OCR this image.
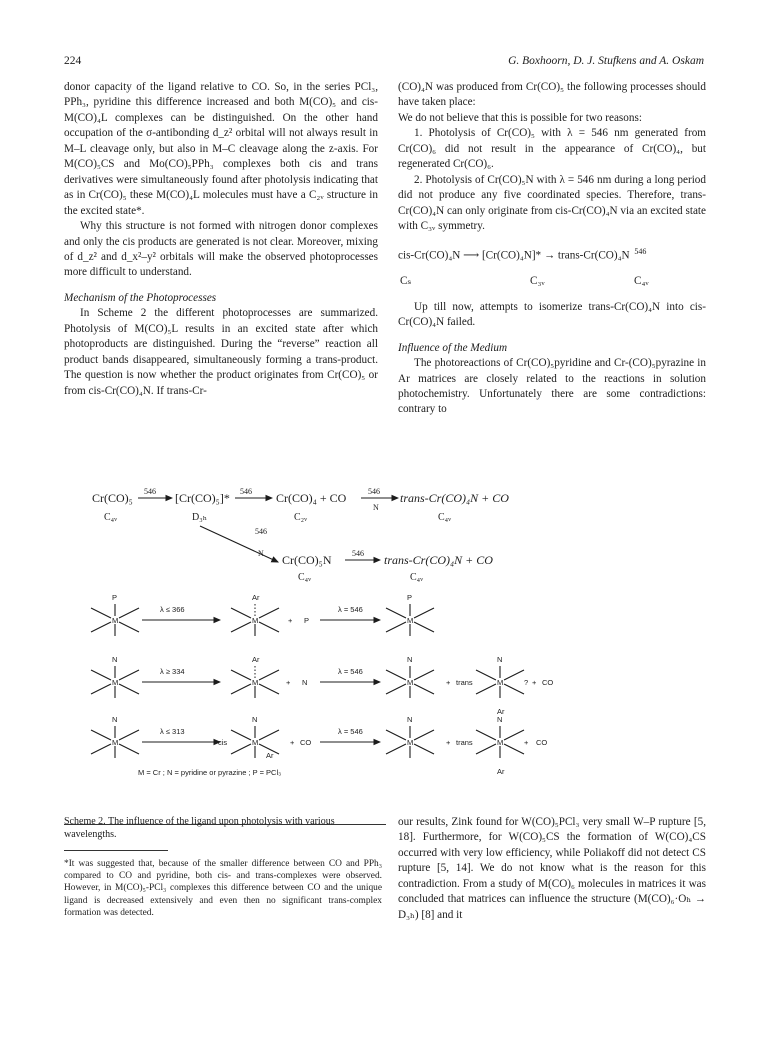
224	G. Boxhoorn, D. J. Stufkens and A. Oskam

donor capacity of the ligand relative to CO. So, in the series PCl₃, PPh₃, pyridine this difference increased and both M(CO)₅ and cis-M(CO)₄L complexes can be distinguished. On the other hand occupation of the σ-antibonding d_z² orbital will not always result in M–L cleavage only, but also in M–C cleavage along the z-axis. For M(CO)₅CS and Mo(CO)₅PPh₃ complexes both cis and trans derivatives were simultaneously found after photolysis indicating that as in Cr(CO)₅ these M(CO)₄L molecules must have a C₂ᵥ structure in the excited state*.

Why this structure is not formed with nitrogen donor complexes and only the cis products are generated is not clear. Moreover, mixing of d_z² and d_x²–y² orbitals will make the observed photoprocesses more difficult to understand.

Mechanism of the Photoprocesses

In Scheme 2 the different photoprocesses are summarized. Photolysis of M(CO)₅L results in an excited state after which photoproducts are distinguished. During the “reverse” reaction all product bands disappeared, simultaneously forming a trans-product. The question is now whether the product originates from Cr(CO)₅ or from cis-Cr(CO)₄N. If trans-Cr-

(CO)₄N was produced from Cr(CO)₅ the following processes should have taken place:

We do not believe that this is possible for two reasons:

1. Photolysis of Cr(CO)₅ with λ = 546 nm generated from Cr(CO)₆ did not result in the appearance of Cr(CO)₄, but regenerated Cr(CO)₆.

2. Photolysis of Cr(CO)₅N with λ = 546 nm during a long period did not produce any five coordinated species. Therefore, trans-Cr(CO)₄N can only originate from cis-Cr(CO)₄N via an excited state with C₃ᵥ symmetry.

cis-Cr(CO)₄N ⟶ [Cr(CO)₄N]* → trans-Cr(CO)₄N $^{546}$

Cₛ	C₃ᵥ	C₄ᵥ

Up till now, attempts to isomerize trans-Cr(CO)₄N into cis-Cr(CO)₄N failed.

Influence of the Medium

The photoreactions of Cr(CO)₅pyridine and Cr-(CO)₅pyrazine in Ar matrices are closely related to the reactions in solution photochemistry. Unfortunately there are some contradictions: contrary to

Cr(CO)₅ 546 [Cr(CO)₅]* 546 Cr(CO)₄ + CO	546
N
trans-Cr(CO)₄N + CO
C₄ᵥ	D₃ₕ	C₂ᵥ	C₄ᵥ
546
N Cr(CO)₅N	546 trans-Cr(CO)₄N + CO
C₄ᵥ	C₄ᵥ
M
P
λ ≤ 366
M
Ar
+ P
λ = 546
M
P
M
N
λ ≥ 334
M
Ar
+ N
λ = 546
M
N
+ trans	M
N
? + CO
Ar
M
N
λ ≤ 313
cis	M
N
Ar
+ CO
λ = 546
M
N
+ trans	M
N
+ CO
Ar
M = Cr ; N = pyridine or pyrazine ; P = PCl₃
Scheme 2. The influence of the ligand upon photolysis with various wavelengths.
*It was suggested that, because of the smaller difference between CO and PPh₃ compared to CO and pyridine, both cis- and trans-complexes were observed. However, in M(CO)₅-PCl₃ complexes this difference between CO and the unique ligand is decreased extensively and even then no significant trans-complex formation was detected.
our results, Zink found for W(CO)₅PCl₃ very small W–P rupture [5, 18]. Furthermore, for W(CO)₅CS the formation of W(CO)₄CS occurred with very low efficiency, while Poliakoff did not detect CS rupture [5, 14]. We do not know what is the reason for this contradiction. From a study of M(CO)₆ molecules in matrices it was concluded that matrices can influence the structure (M(CO)₆·Oₕ → D₃ₕ) [8] and it
